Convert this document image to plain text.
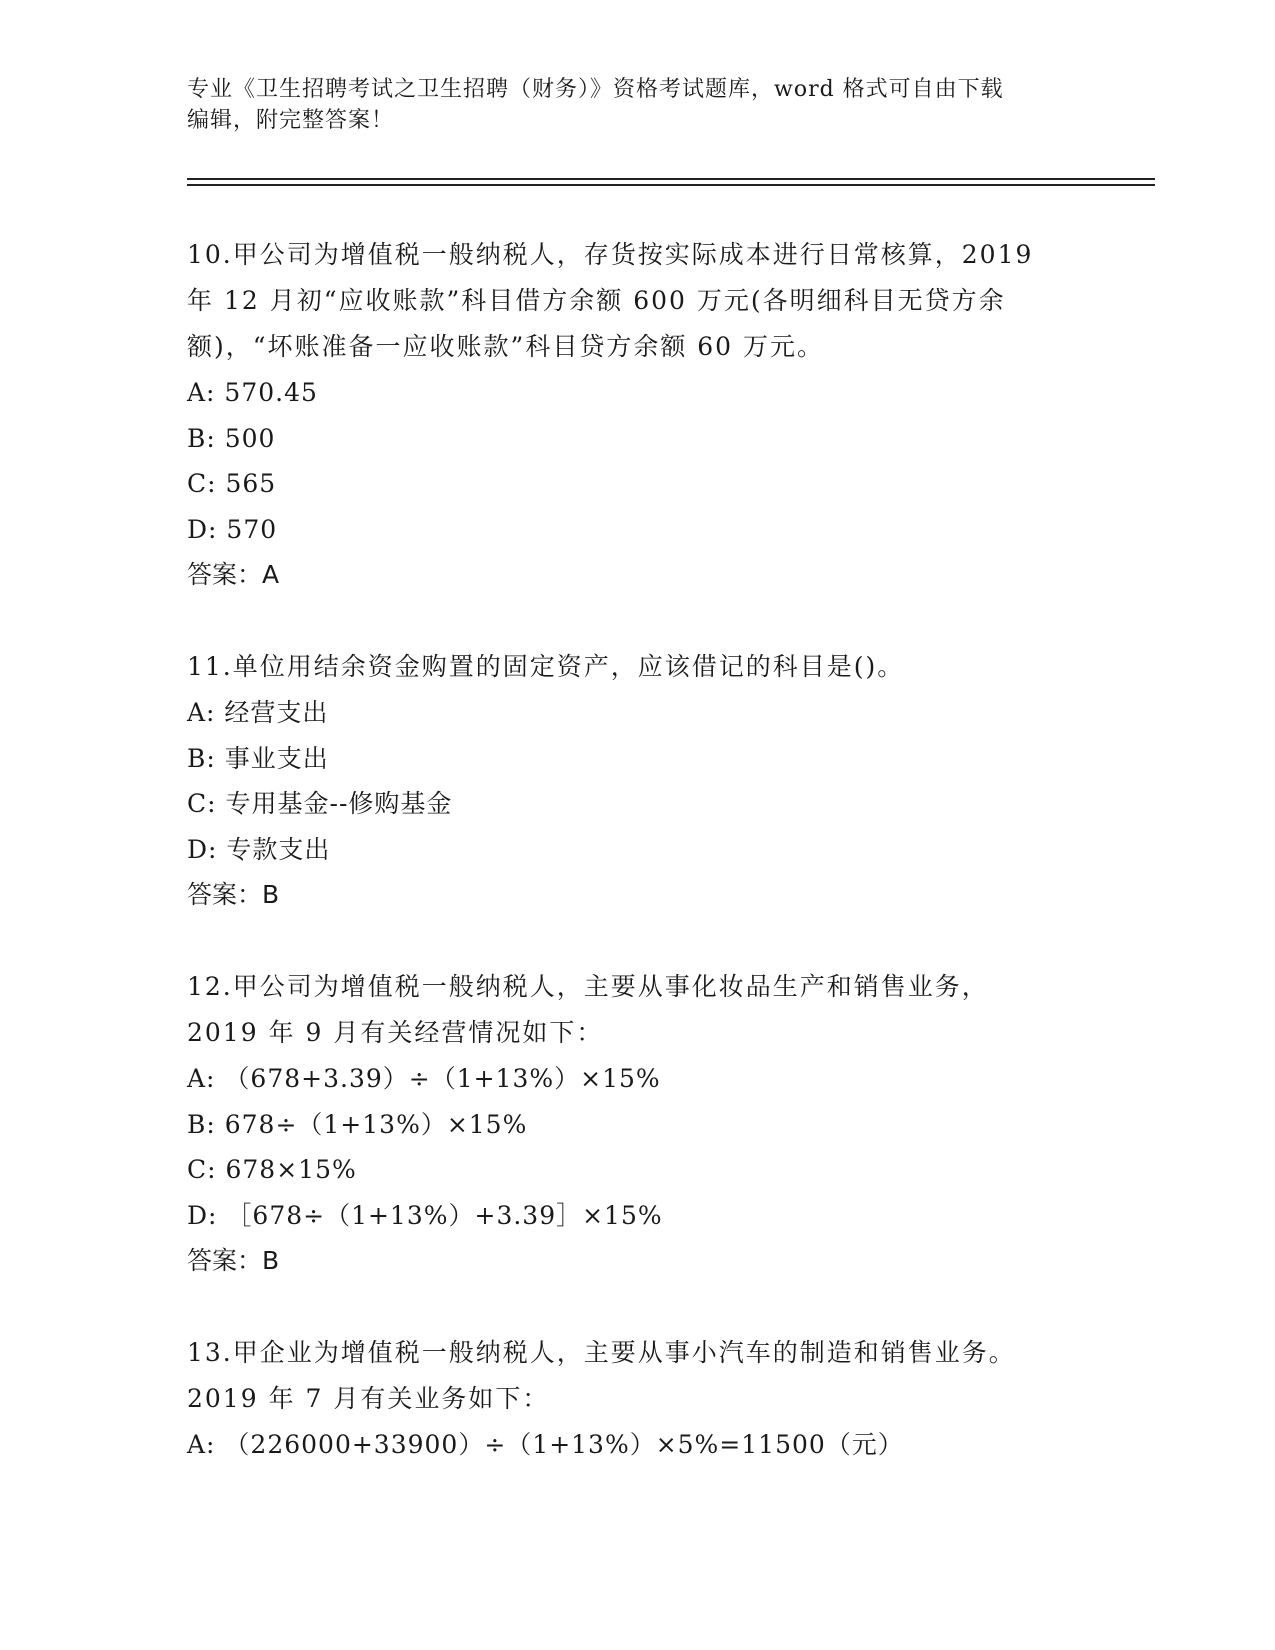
专业《卫生招聘考试之卫生招聘（财务）》资格考试题库，word 格式可自由下载
编辑，附完整答案！

10.甲公司为增值税一般纳税人，存货按实际成本进行日常核算，2019

年 12 月初“应收账款”科目借方余额 600 万元(各明细科目无贷方余

额)，“坏账准备一应收账款”科目贷方余额 60 万元。

A: 570.45

B: 500

C: 565

D: 570

答案：A

11.单位用结余资金购置的固定资产，应该借记的科目是()。

A: 经营支出

B: 事业支出

C: 专用基金--修购基金

D: 专款支出

答案：B

12.甲公司为增值税一般纳税人，主要从事化妆品生产和销售业务，

2019 年 9 月有关经营情况如下：

A: （678+3.39）÷（1+13%）×15%

B: 678÷（1+13%）×15%

C: 678×15%

D: ［678÷（1+13%）+3.39］×15%

答案：B

13.甲企业为增值税一般纳税人，主要从事小汽车的制造和销售业务。

2019 年 7 月有关业务如下：

A: （226000+33900）÷（1+13%）×5%=11500（元）
